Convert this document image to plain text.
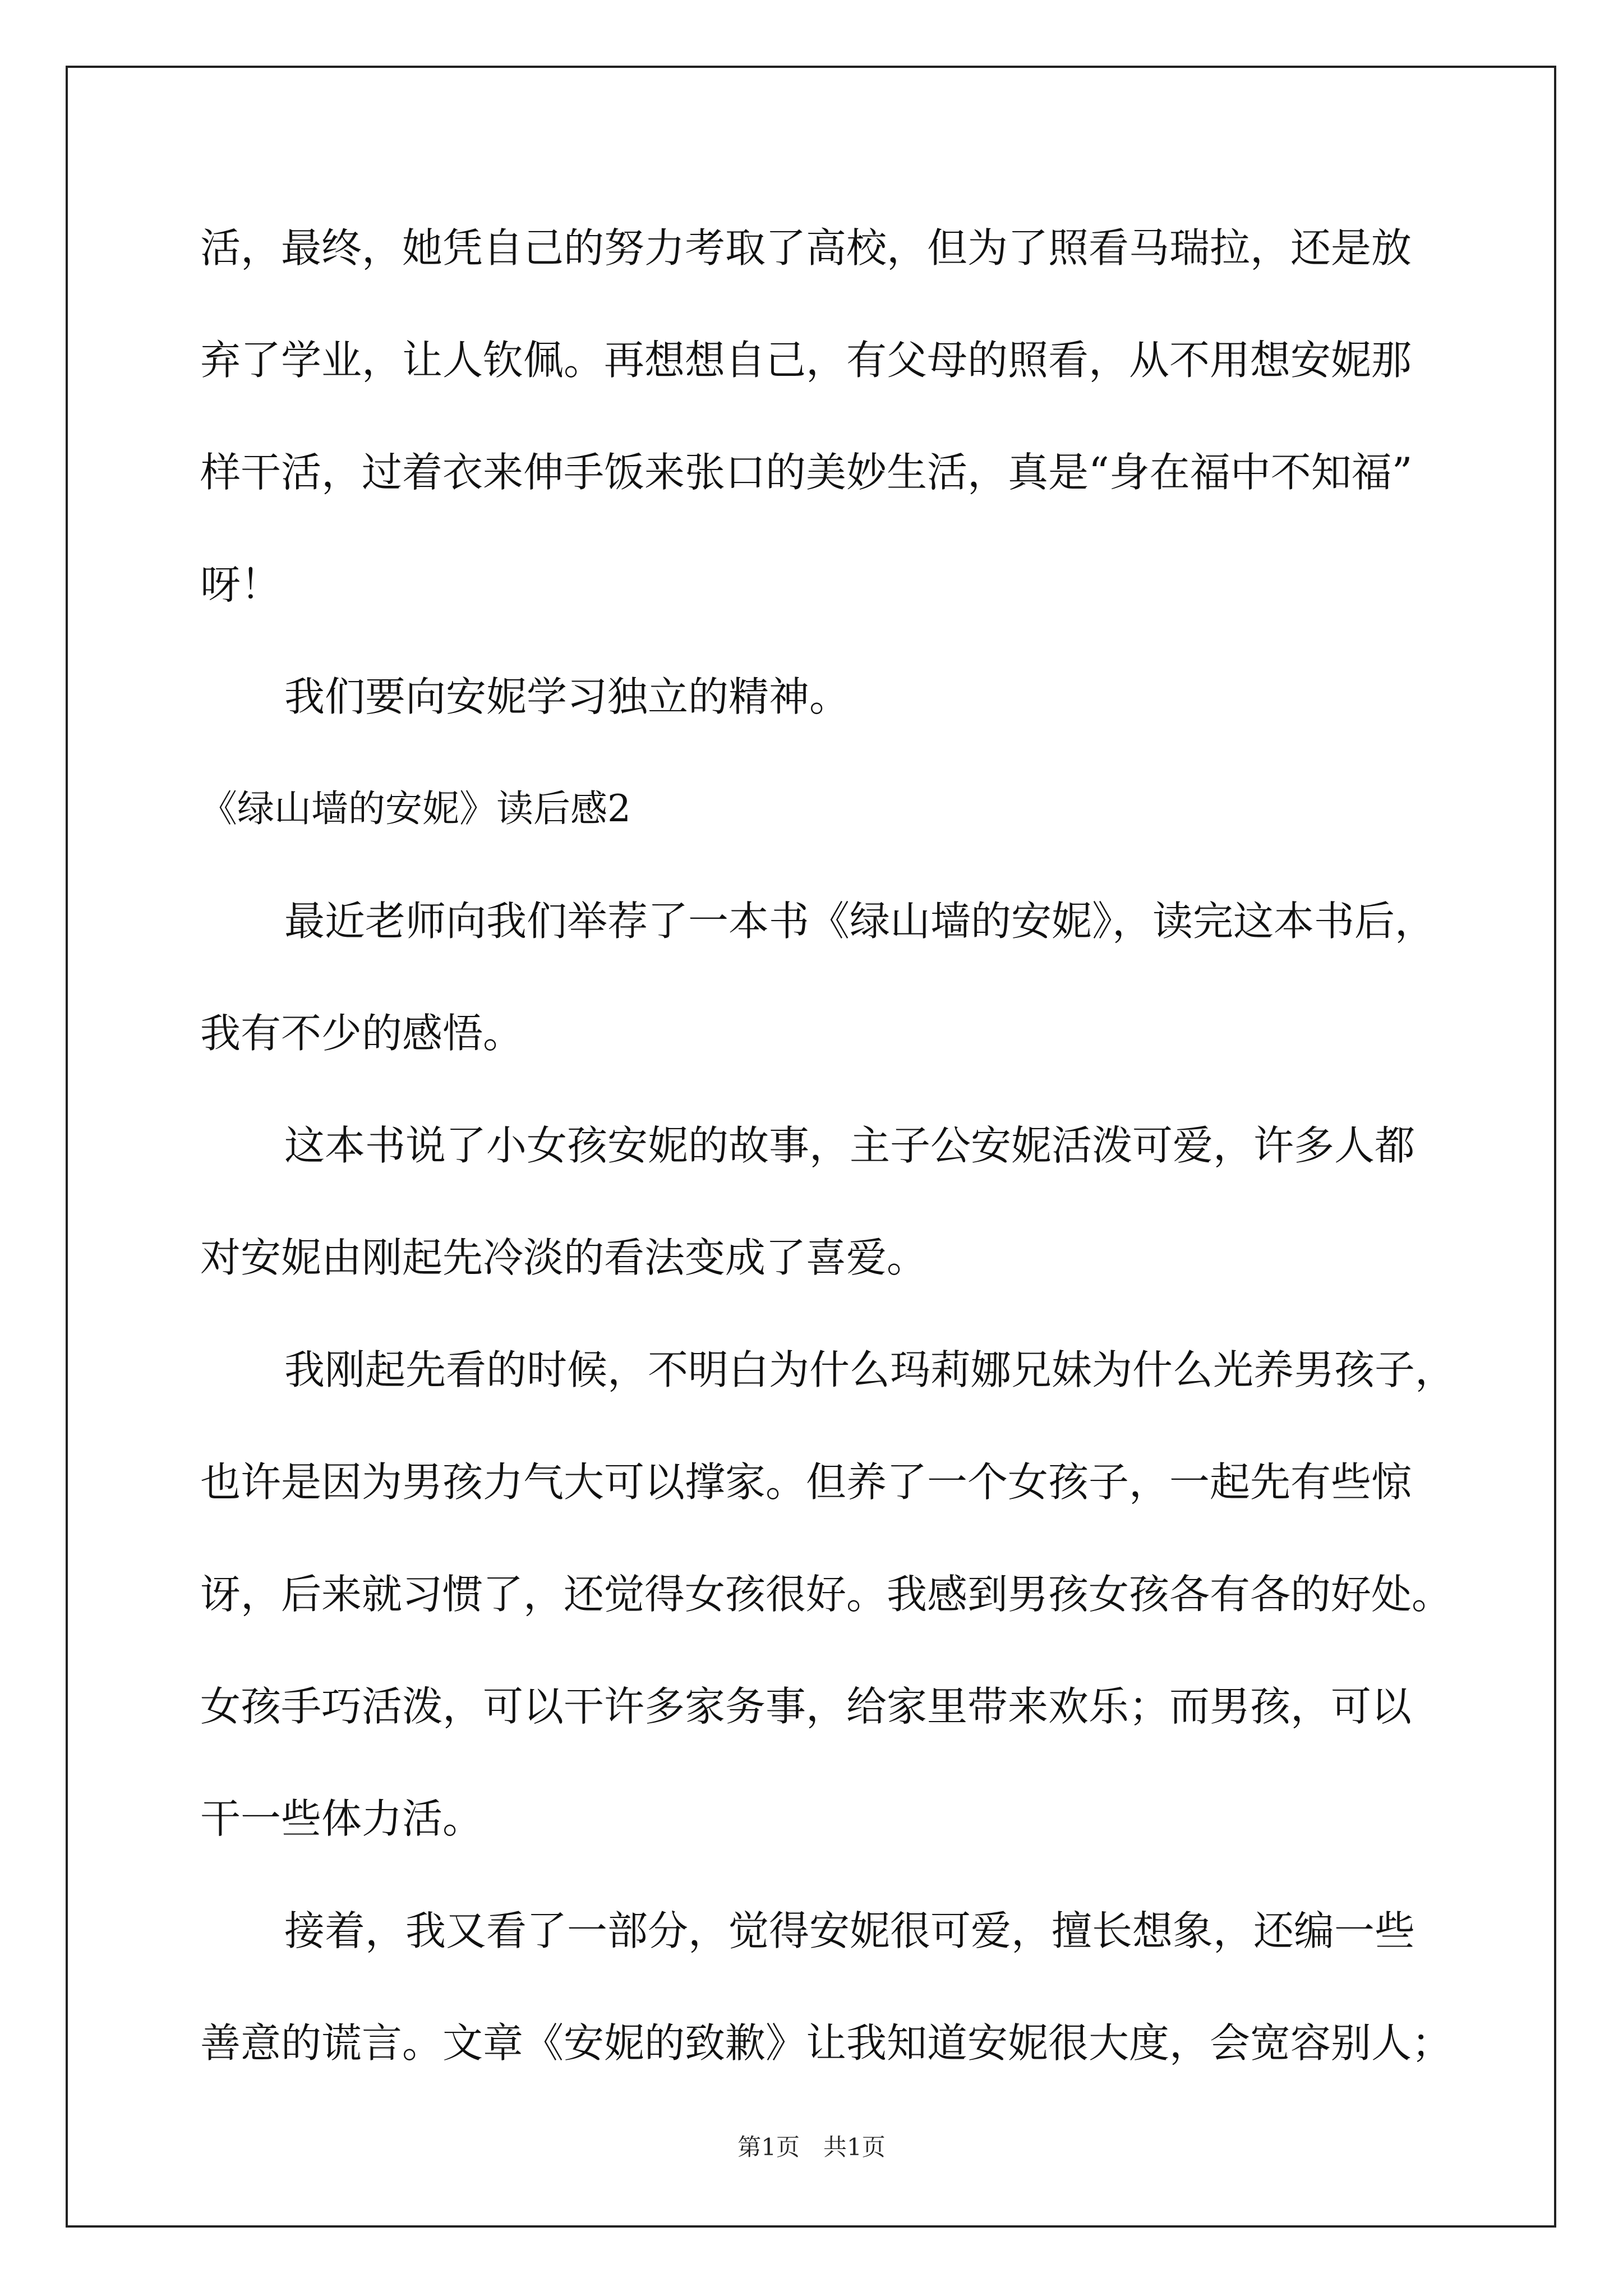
活，最终，她凭自己的努力考取了高校，但为了照看马瑞拉，还是放
弃了学业，让人钦佩。再想想自己，有父母的照看，从不用想安妮那
样干活，过着衣来伸手饭来张口的美妙生活，真是“身在福中不知福”
呀！
我们要向安妮学习独立的精神。
《绿山墙的安妮》读后感2
最近老师向我们举荐了一本书《绿山墙的安妮》，读完这本书后，
我有不少的感悟。
这本书说了小女孩安妮的故事，主子公安妮活泼可爱，许多人都
对安妮由刚起先冷淡的看法变成了喜爱。
我刚起先看的时候，不明白为什么玛莉娜兄妹为什么光养男孩子，
也许是因为男孩力气大可以撑家。但养了一个女孩子，一起先有些惊
讶，后来就习惯了，还觉得女孩很好。我感到男孩女孩各有各的好处。
女孩手巧活泼，可以干许多家务事，给家里带来欢乐；而男孩，可以
干一些体力活。
接着，我又看了一部分，觉得安妮很可爱，擅长想象，还编一些
善意的谎言。文章《安妮的致歉》让我知道安妮很大度，会宽容别人；
第1页　共1页
